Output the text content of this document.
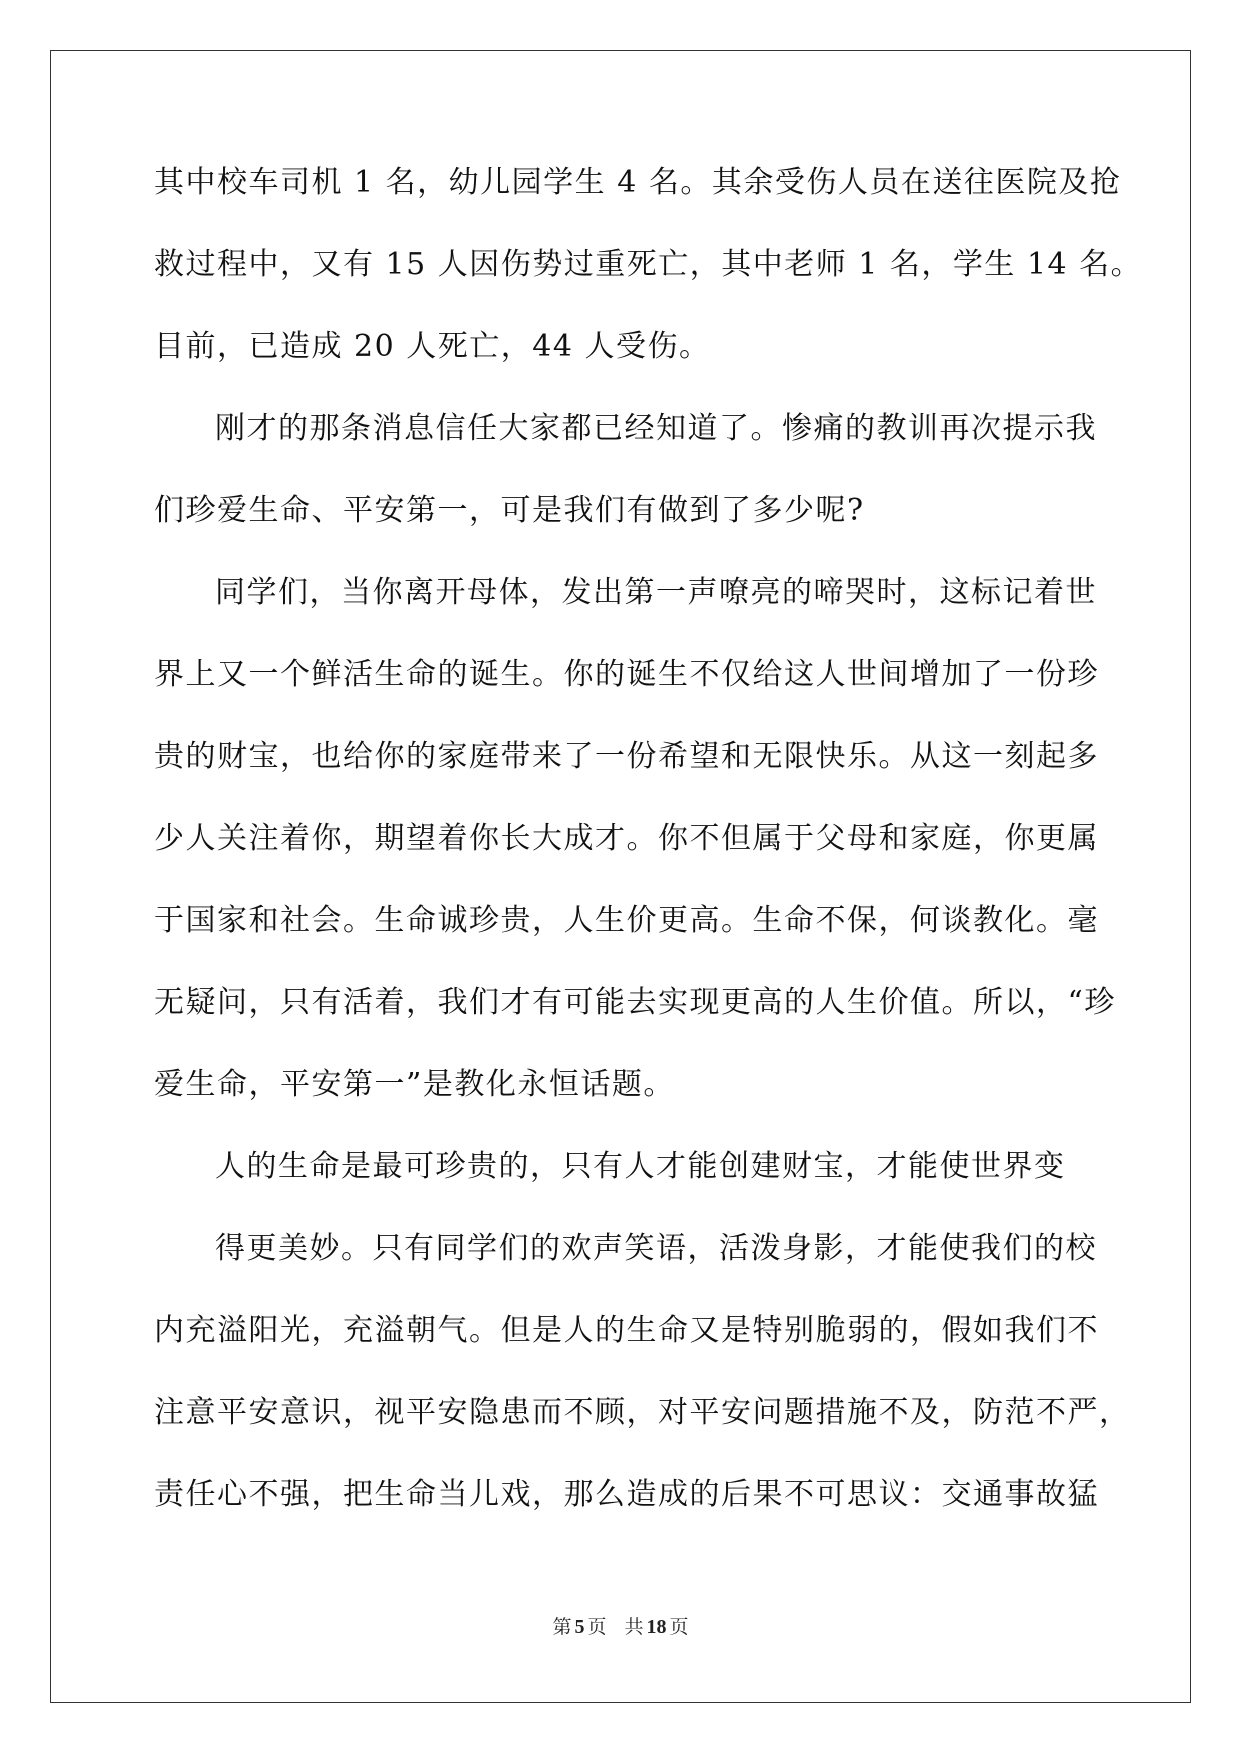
其中校车司机 1 名，幼儿园学生 4 名。其余受伤人员在送往医院及抢
救过程中，又有 15 人因伤势过重死亡，其中老师 1 名，学生 14 名。
目前，已造成 20 人死亡，44 人受伤。
刚才的那条消息信任大家都已经知道了。惨痛的教训再次提示我
们珍爱生命、平安第一，可是我们有做到了多少呢?
同学们，当你离开母体，发出第一声嘹亮的啼哭时，这标记着世
界上又一个鲜活生命的诞生。你的诞生不仅给这人世间增加了一份珍
贵的财宝，也给你的家庭带来了一份希望和无限快乐。从这一刻起多
少人关注着你，期望着你长大成才。你不但属于父母和家庭，你更属
于国家和社会。生命诚珍贵，人生价更高。生命不保，何谈教化。毫
无疑问，只有活着，我们才有可能去实现更高的人生价值。所以，“珍
爱生命，平安第一”是教化永恒话题。
人的生命是最可珍贵的，只有人才能创建财宝，才能使世界变
得更美妙。只有同学们的欢声笑语，活泼身影，才能使我们的校
内充溢阳光，充溢朝气。但是人的生命又是特别脆弱的，假如我们不
注意平安意识，视平安隐患而不顾，对平安问题措施不及，防范不严，
责任心不强，把生命当儿戏，那么造成的后果不可思议：交通事故猛
第 5 页 共 18 页
